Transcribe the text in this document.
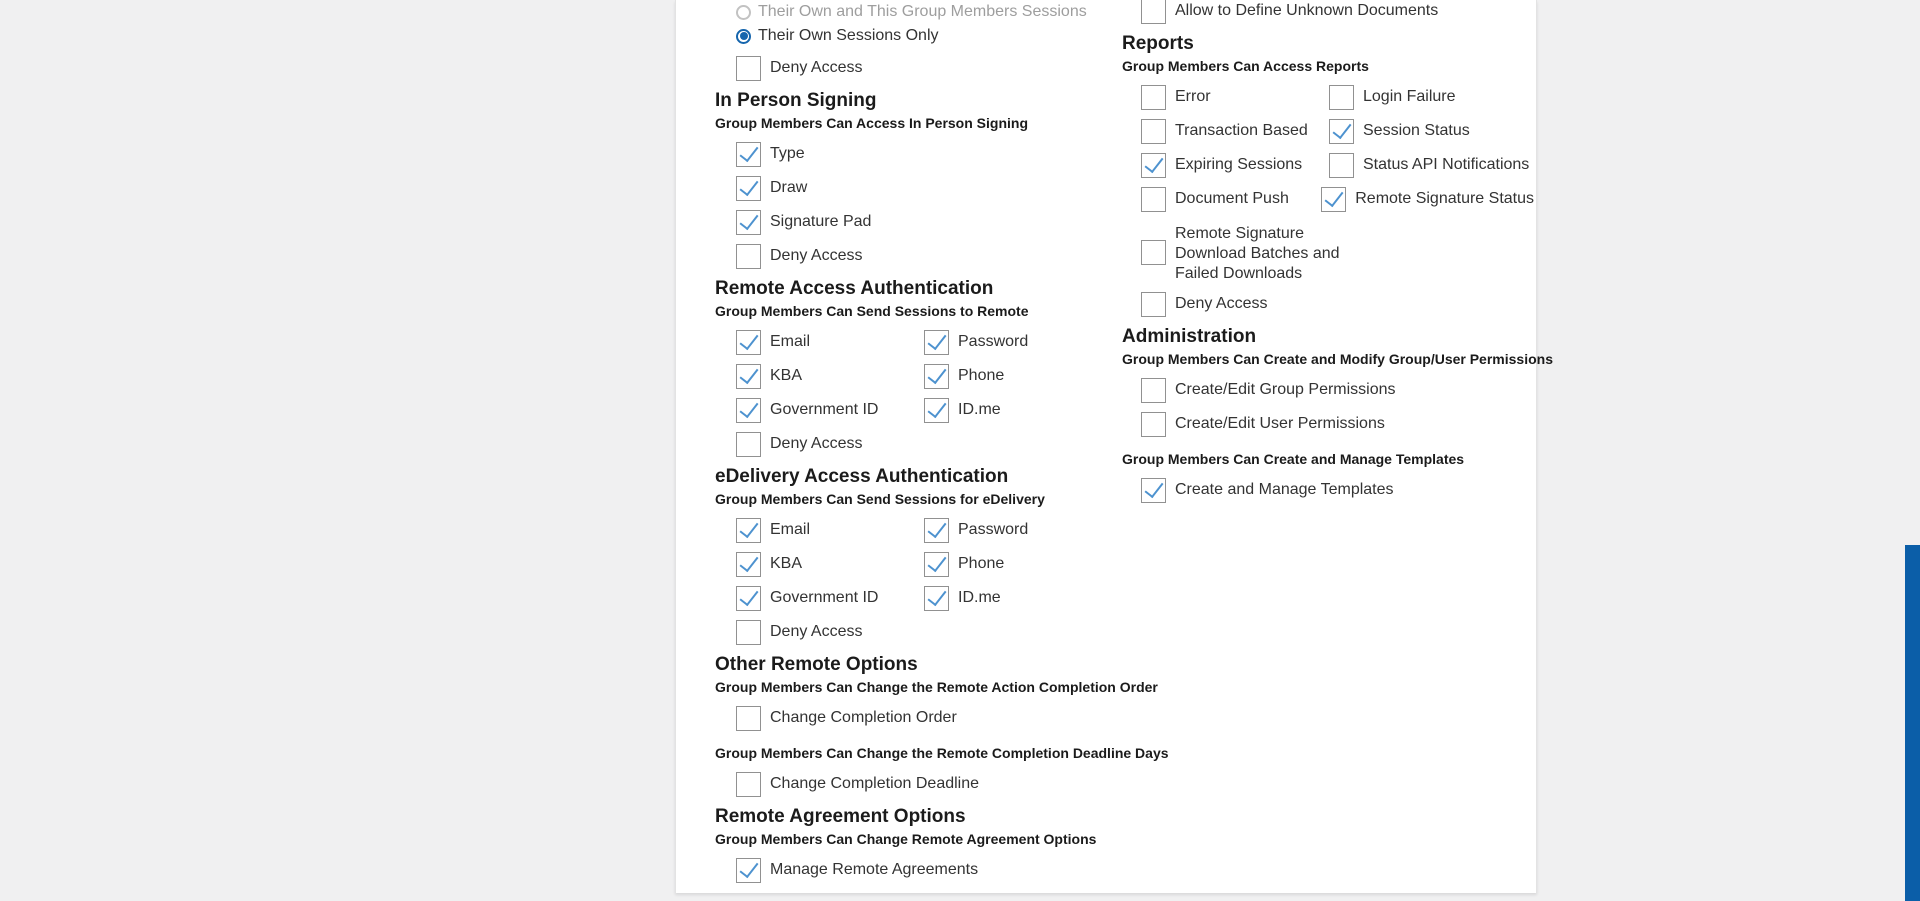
Their Own and This Group Members Sessions
Their Own Sessions Only
Deny Access
In Person Signing
Group Members Can Access In Person Signing
Type
Draw
Signature Pad
Deny Access
Remote Access Authentication
Group Members Can Send Sessions to Remote
Email	Password
KBA	Phone
Government ID	ID.me
Deny Access
eDelivery Access Authentication
Group Members Can Send Sessions for eDelivery
Email	Password
KBA	Phone
Government ID	ID.me
Deny Access
Other Remote Options
Group Members Can Change the Remote Action Completion Order
Change Completion Order
Group Members Can Change the Remote Completion Deadline Days
Change Completion Deadline
Remote Agreement Options
Group Members Can Change Remote Agreement Options
Manage Remote Agreements
Allow to Define Unknown Documents
Reports
Group Members Can Access Reports
Error	Login Failure
Transaction Based	Session Status
Expiring Sessions	Status API Notifications
Document Push	Remote Signature Status
Remote Signature Download Batches and Failed Downloads
Deny Access
Administration
Group Members Can Create and Modify Group/User Permissions
Create/Edit Group Permissions
Create/Edit User Permissions
Group Members Can Create and Manage Templates
Create and Manage Templates
